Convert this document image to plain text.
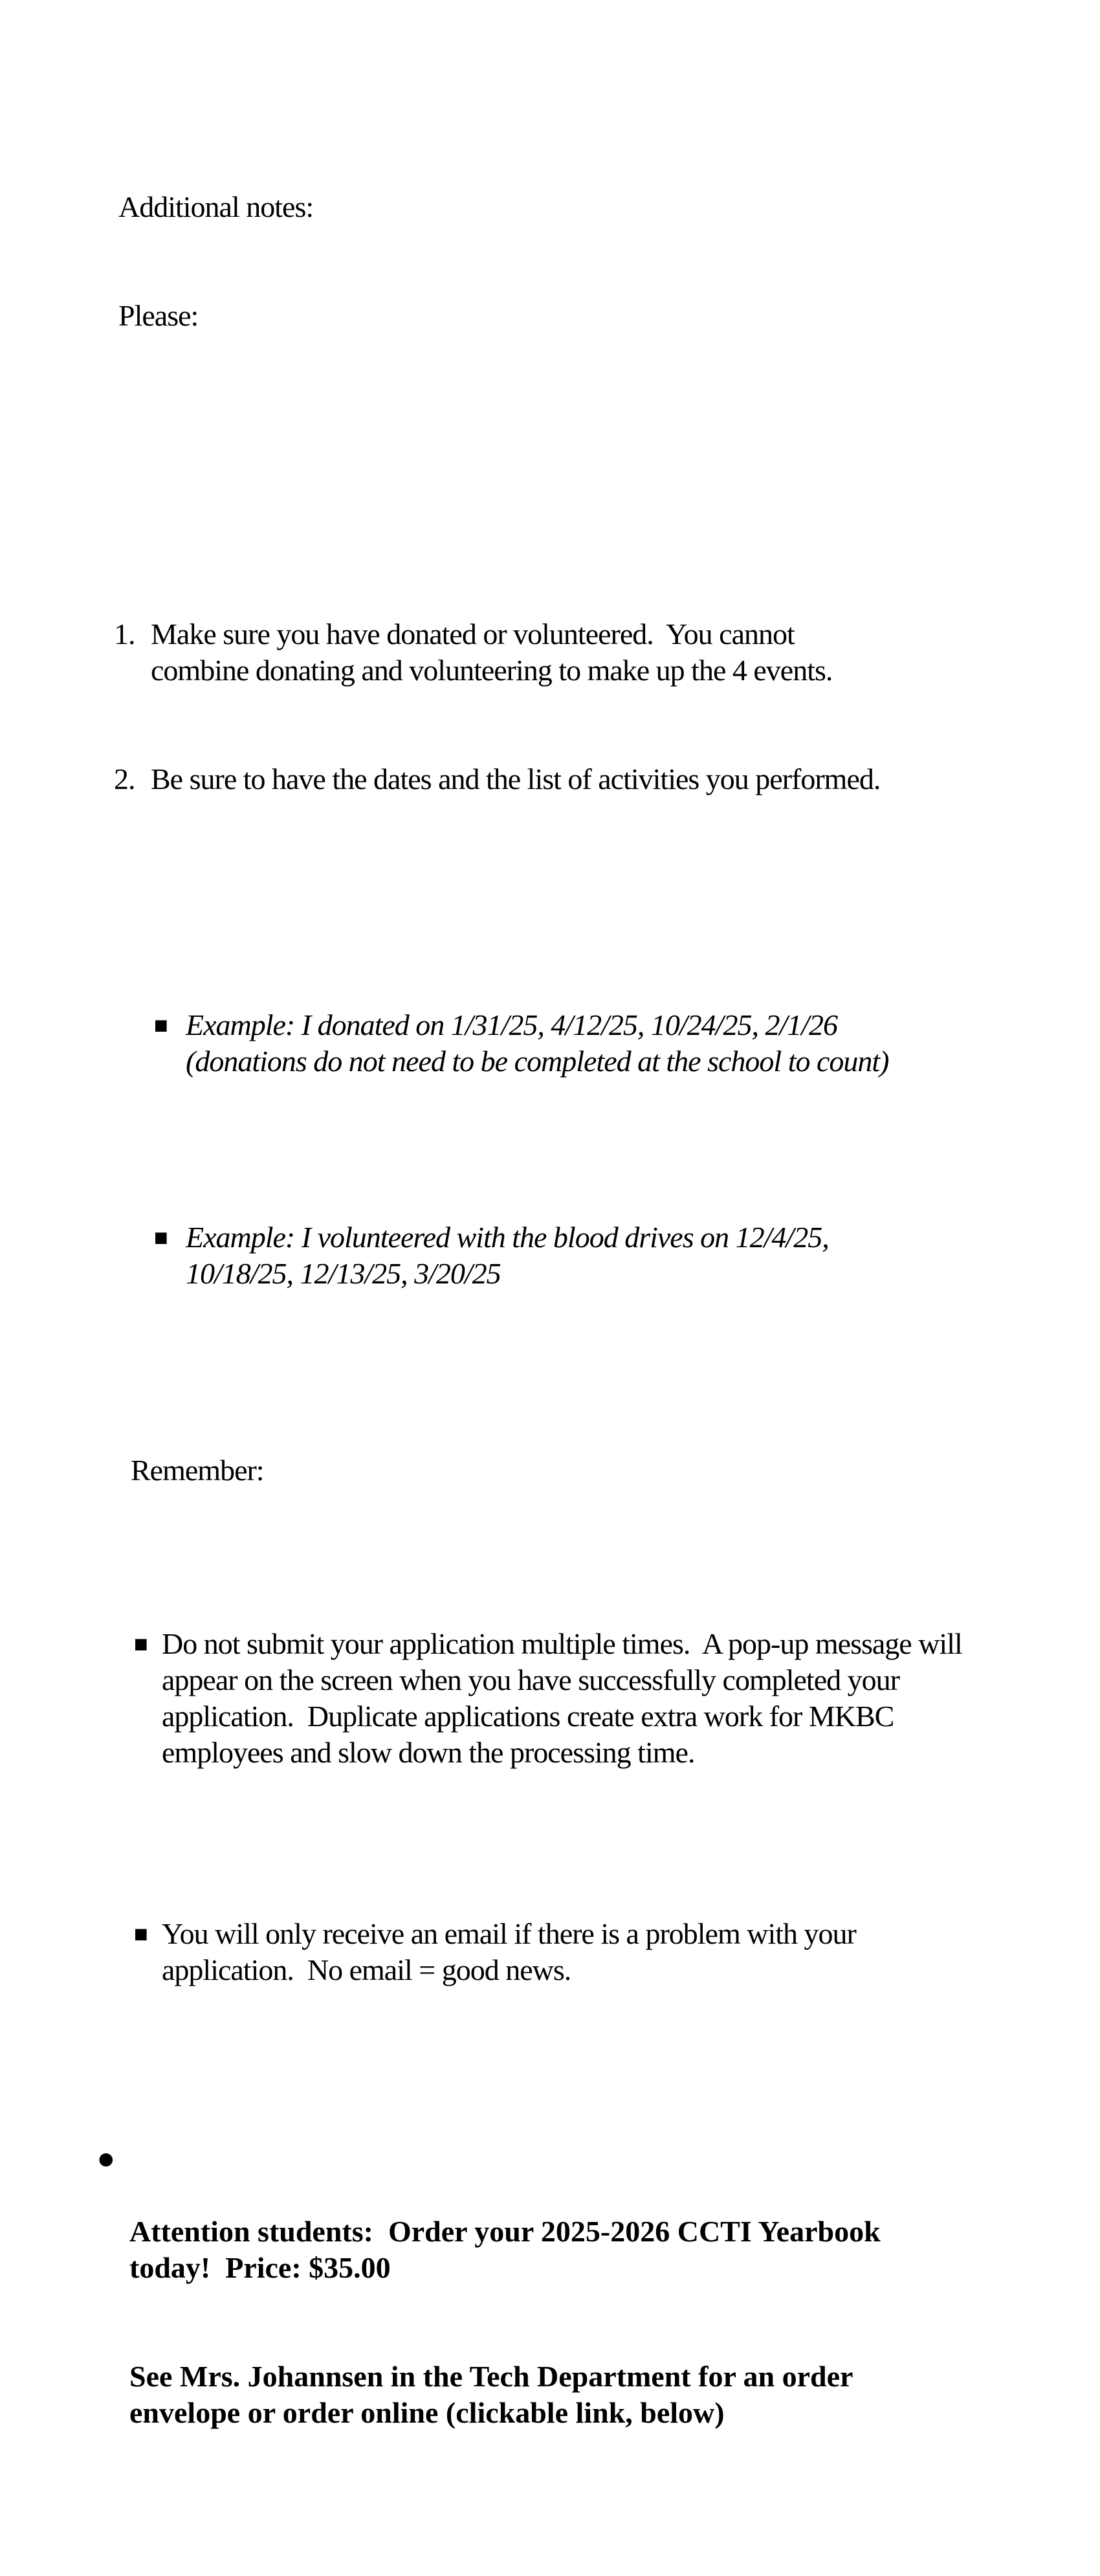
Additional notes:

Please:

1. Make sure you have donated or volunteered.  You cannot combine donating and volunteering to make up the 4 events.

2. Be sure to have the dates and the list of activities you performed.

■ Example: I donated on 1/31/25, 4/12/25, 10/24/25, 2/1/26 (donations do not need to be completed at the school to count)

■ Example: I volunteered with the blood drives on 12/4/25, 10/18/25, 12/13/25, 3/20/25

Remember:

■ Do not submit your application multiple times.  A pop-up message will appear on the screen when you have successfully completed your application.  Duplicate applications create extra work for MKBC employees and slow down the processing time.

■ You will only receive an email if there is a problem with your application.  No email = good news.

●

Attention students:  Order your 2025-2026 CCTI Yearbook today!  Price: $35.00

See Mrs. Johannsen in the Tech Department for an order envelope or order online (clickable link, below)
